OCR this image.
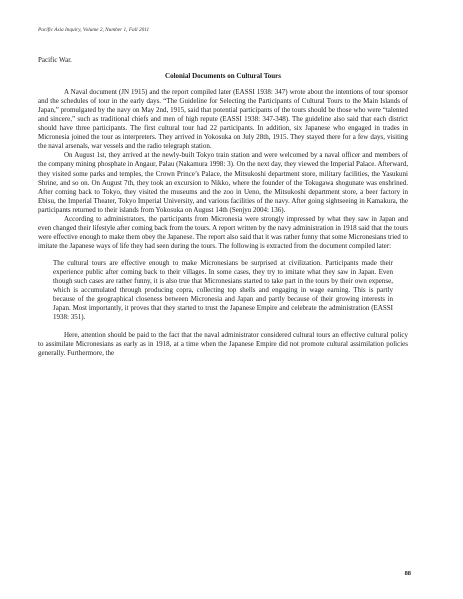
Pacific Asia Inquiry, Volume 2, Number 1, Fall 2011

Pacific War.

Colonial Documents on Cultural Tours

A Naval document (JN 1915) and the report compiled later (EASSI 1938: 347) wrote about the intentions of tour sponsor and the schedules of tour in the early days. “The Guideline for Selecting the Participants of Cultural Tours to the Main Islands of Japan,” promulgated by the navy on May 2nd, 1915, said that potential participants of the tours should be those who were “talented and sincere,” such as traditional chiefs and men of high repute (EASSI 1938: 347-348). The guideline also said that each district should have three participants. The first cultural tour had 22 participants. In addition, six Japanese who engaged in trades in Micronesia joined the tour as interpreters. They arrived in Yokosuka on July 28th, 1915. They stayed there for a few days, visiting the naval arsenals, war vessels and the radio telegraph station.

On August 1st, they arrived at the newly-built Tokyo train station and were welcomed by a naval officer and members of the company mining phosphate in Angaur, Palau (Nakamura 1998: 3). On the next day, they viewed the Imperial Palace. Afterward, they visited some parks and temples, the Crown Prince’s Palace, the Mitsukoshi department store, military facilities, the Yasukuni Shrine, and so on. On August 7th, they took an excursion to Nikko, where the founder of the Tokugawa shogunate was enshrined. After coming back to Tokyo, they visited the museums and the zoo in Ueno, the Mitsukoshi department store, a beer factory in Ebisu, the Imperial Theater, Tokyo Imperial University, and various facilities of the navy. After going sightseeing in Kamakura, the participants returned to their islands from Yokosuka on August 14th (Senjyu 2004: 136).

According to administrators, the participants from Micronesia were strongly impressed by what they saw in Japan and even changed their lifestyle after coming back from the tours. A report written by the navy administration in 1918 said that the tours were effective enough to make them obey the Japanese. The report also said that it was rather funny that some Micronesians tried to imitate the Japanese ways of life they had seen during the tours. The following is extracted from the document compiled later:

The cultural tours are effective enough to make Micronesians be surprised at civilization. Participants made their experience public after coming back to their villages. In some cases, they try to imitate what they saw in Japan. Even though such cases are rather funny, it is also true that Micronesians started to take part in the tours by their own expense, which is accumulated through producing copra, collecting top shells and engaging in wage earning. This is partly because of the geographical closeness between Micronesia and Japan and partly because of their growing interests in Japan. Most importantly, it proves that they started to trust the Japanese Empire and celebrate the administration (EASSI 1938: 351).

Here, attention should be paid to the fact that the naval administrator considered cultural tours an effective cultural policy to assimilate Micronesians as early as in 1918, at a time when the Japanese Empire did not promote cultural assimilation policies generally. Furthermore, the

88
